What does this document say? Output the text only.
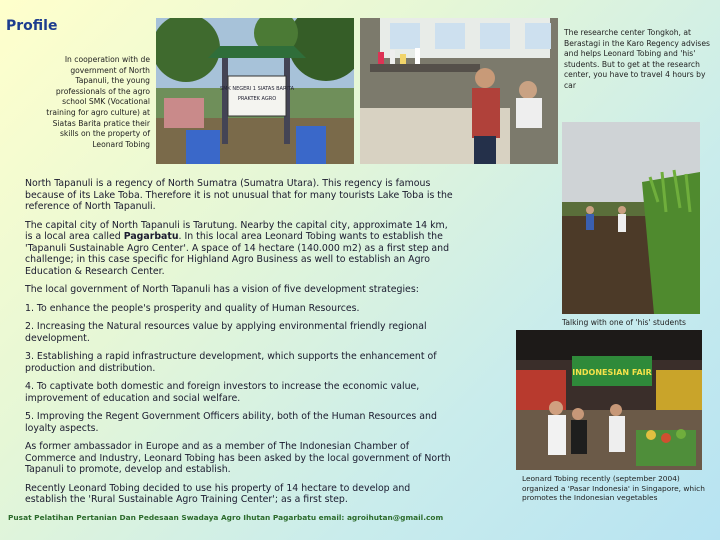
Profile
In cooperation with de government of North Tapanuli, the young professionals of the agro school SMK (Vocational training for agro culture) at Siatas Barita pratice their skills on the property of Leonard Tobing
SMK NEGERI 1 SIATAS BARITA
PRAKTEK AGRO
The researche center Tongkoh, at Berastagi in the Karo Regency advises and helps Leonard Tobing and 'his' students. But to get at the research center, you have to travel 4 hours by car
Talking with one of 'his' students
INDONESIAN FAIR
Leonard Tobing recently (september 2004) organized a 'Pasar Indonesia' in Singapore, which promotes the Indonesian vegetables

North Tapanuli is a regency of North Sumatra (Sumatra Utara). This regency is famous because of its Lake Toba. Therefore it is not unusual that for many tourists Lake Toba is the reference of North Tapanuli.

The capital city of North Tapanuli is Tarutung. Nearby the capital city, approximate 14 km, is a local area called Pagarbatu. In this local area Leonard Tobing wants to establish the 'Tapanuli Sustainable Agro Center'. A space of 14 hectare (140.000 m2) as a first step and challenge; in this case specific for Highland Agro Business as well to establish an Agro Education & Research Center.

The local government of North Tapanuli has a vision of five development strategies:

1. To enhance the people's prosperity and quality of Human Resources.

2. Increasing the Natural resources value by applying environmental friendly regional development.

3. Establishing a rapid infrastructure development, which supports the enhancement of production and distribution.

4. To captivate both domestic and foreign investors to increase the economic value, improvement of education and social welfare.

5. Improving the Regent Government Officers ability, both of the Human Resources and loyalty aspects.

As former ambassador in Europe and as a member of The Indonesian Chamber of Commerce and Industry, Leonard Tobing has been asked by the local government of North Tapanuli to promote, develop and establish.

Recently Leonard Tobing decided to use his property of 14 hectare to develop and establish the 'Rural Sustainable Agro Training Center'; as a first step.

Pusat Pelatihan Pertanian Dan Pedesaan Swadaya Agro Ihutan Pagarbatu email: agroihutan@gmail.com
